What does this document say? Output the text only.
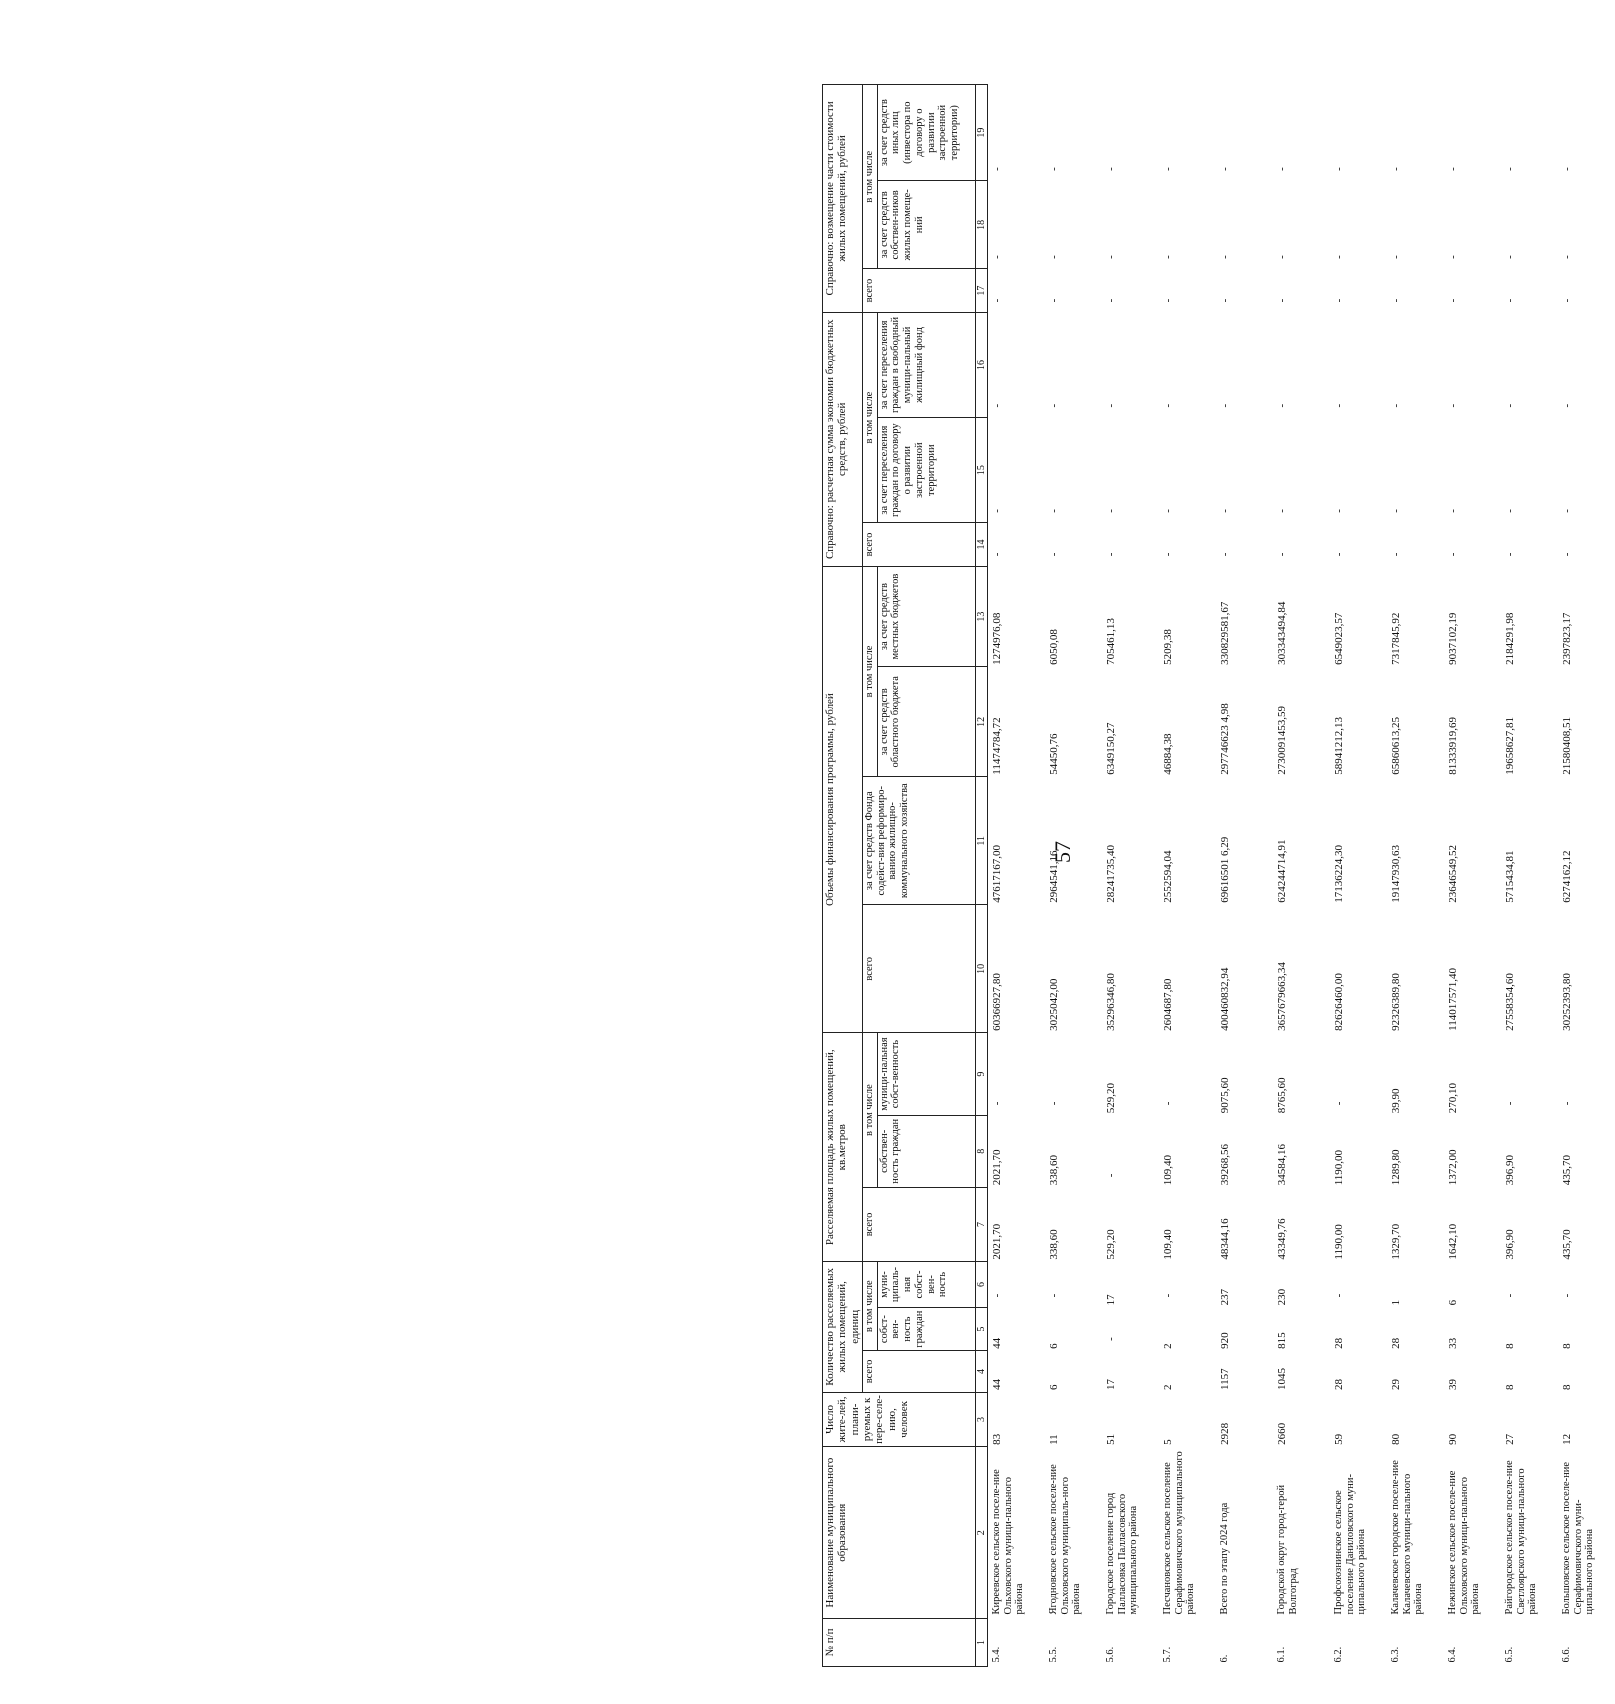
57
№ п/п	Наименование муниципального образования	Число жите-лей, плани-руемых к пере-селе-нию, человек	Количество расселяемых жилых помещений, единиц			Расселяемая площадь жилых помещений, кв.метров			Объемы финансирования программы, рублей				Справочно: расчетная сумма экономии бюджетных средств, рублей			Справочно: возмещение части стоимости жилых помещений, рублей		
			всего	в том числе		всего	в том числе		всего	за счет средств Фонда содейст-вия реформиро-ванию жилищно-коммунального хозяйства	в том числе		всего	в том числе		всего	в том числе	
				собст-вен-ность граждан	муни-ципаль-ная собст-вен-ность		собствен-ность граждан	муници-пальная собст-венность			за счет средств областного бюджета	за счет средств местных бюджетов		за счет переселения граждан по договору о развитии застроенной территории	за счет переселения граждан в свободный муници-пальный жилищный фонд		за счет средств собствен-ников жилых помеще-ний	за счет средств иных лиц (инвестора по договору о развитии застроенной территории)
1	2	3	4	5	6	7	8	9	10	11	12	13	14	15	16	17	18	19
5.4.	Киреевское сельское поселе-ние Ольховского муници-пального района	83	44	44	-	2021,70	2021,70	-	60366927,80	47617167,00	11474784,72	1274976,08	-	-	-	-	-	-
5.5.	Ягодновское сельское поселе-ние Ольховского муниципаль-ного района	11	6	6	-	338,60	338,60	-	3025042,00	2964541,16	54450,76	6050,08	-	-	-	-	-	-
5.6.	Городское поселение город Палласовка Палласовского муниципального района	51	17	-	17	529,20	-	529,20	35296346,80	28241735,40	6349150,27	705461,13	-	-	-	-	-	-
5.7.	Песчановское сельское поселение Серафимовичского муниципального района	5	2	2	-	109,40	109,40	-	2604687,80	2552594,04	46884,38	5209,38	-	-	-	-	-	-
6.	Всего по этапу 2024 года	2928	1157	920	237	48344,16	39268,56	9075,60	400460832,94	69616501 6,29	297746623 4,98	330829581,67	-	-	-	-	-	-
6.1.	Городской округ город-герой Волгоград	2660	1045	815	230	43349,76	34584,16	8765,60	3657679663,34	624244714,91	2730091453,59	303343494,84	-	-	-	-	-	-
6.2.	Профсоюзнинское сельское поселение Даниловского муни-ципального района	59	28	28	-	1190,00	1190,00	-	82626460,00	17136224,30	58941212,13	6549023,57	-	-	-	-	-	-
6.3.	Калачевское городское поселе-ние Калачевского муници-пального района	80	29	28	1	1329,70	1289,80	39,90	92326389,80	19147930,63	65860613,25	7317845,92	-	-	-	-	-	-
6.4.	Нежинское сельское поселе-ние Ольховского муници-пального района	90	39	33	6	1642,10	1372,00	270,10	114017571,40	23646549,52	81333919,69	9037102,19	-	-	-	-	-	-
6.5.	Райгородское сельское поселе-ние Светлоярского муници-пального района	27	8	8	-	396,90	396,90	-	27558354,60	5715434,81	19658627,81	2184291,98	-	-	-	-	-	-
6.6.	Большовское сельское поселе-ние Серафимовичского муни-ципального района	12	8	8	-	435,70	435,70	-	30252393,80	6274162,12	21580408,51	2397823,17	-	-	-	-	-	-
